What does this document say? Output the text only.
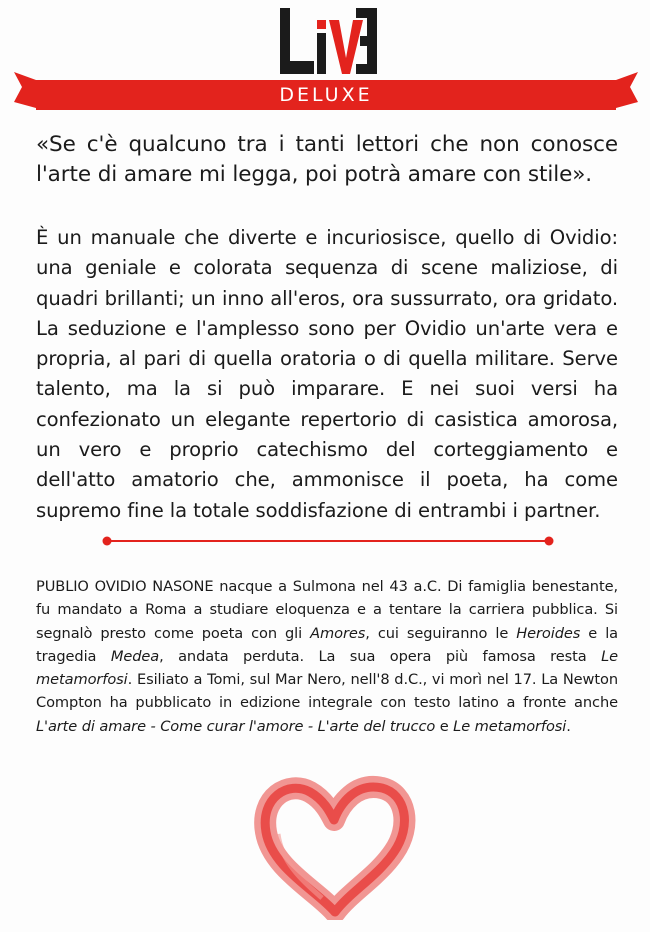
DELUXE

«Se c'è qualcuno tra i tanti lettori che non conosce l'arte di amare mi legga, poi potrà amare con stile».

È un manuale che diverte e incuriosisce, quello di Ovidio: una geniale e colorata sequenza di scene maliziose, di quadri brillanti; un inno all'eros, ora sussurrato, ora gridato. La seduzione e l'amplesso sono per Ovidio un'arte vera e propria, al pari di quella oratoria o di quella militare. Serve talento, ma la si può imparare. E nei suoi versi ha confezionato un elegante repertorio di casistica amorosa, un vero e proprio catechismo del corteggiamento e dell'atto amatorio che, ammonisce il poeta, ha come supremo fine la totale soddisfazione di entrambi i partner.

PUBLIO OVIDIO NASONE nacque a Sulmona nel 43 a.C. Di famiglia benestante, fu mandato a Roma a studiare eloquenza e a tentare la carriera pubblica. Si segnalò presto come poeta con gli Amores, cui seguiranno le Heroides e la tragedia Medea, andata perduta. La sua opera più famosa resta Le metamorfosi. Esiliato a Tomi, sul Mar Nero, nell'8 d.C., vi morì nel 17. La Newton Compton ha pubblicato in edizione integrale con testo latino a fronte anche L'arte di amare - Come curar l'amore - L'arte del trucco e Le metamorfosi.
